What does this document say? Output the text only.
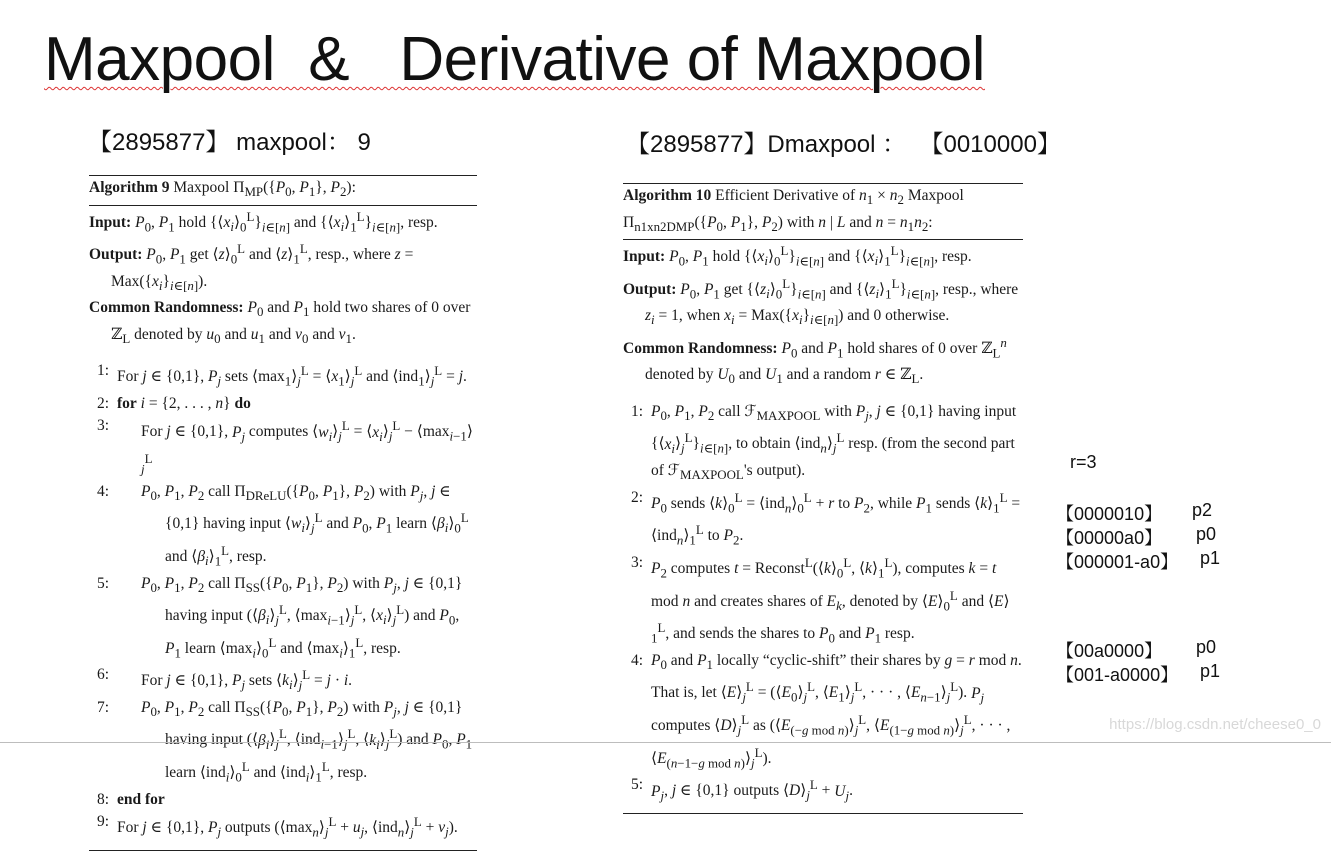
Maxpool  &   Derivative of Maxpool
【2895877】 maxpool： 9	【2895877】Dmaxpool ：  【0010000】
Algorithm 9 Maxpool $\Pi_{MP}(\{P_0$, $P_1$}, $P_2$):
Input: $P_0$, $P_1$ hold $\{⟨x_i⟩_0^L\}_{i\in[n]}$ and $\{⟨x_i⟩_1^L\}_{i\in[n]}$, resp.
Output: $P_0$, $P_1$ get $⟨z⟩_0^L$ and $⟨z⟩_1^L$, resp., where $z = Max(\{x_i\}_{i\in[n]})$.
Common Randomness: $P_0$ and $P_1$ hold two shares of 0 over ℤ$_L$ denoted by $u_0$ and $u_1$ and $v_0$ and $v_1$.
1: For j ∈ {0,1}, $P_j$ sets $⟨\max_1⟩_j^L$ = $⟨x_1⟩_j^L$ and $⟨ind_1⟩_j^L = j$.
2: for i = {2, . . . , n} do
3:	For j ∈ {0,1}, $P_j$ computes $⟨w_i⟩_j^L$ = $⟨x_i⟩_j^L$ − $⟨\max_{i-1}⟩_j^L$
4: $P_0$, $P_1$, $P_2$ call $\Pi_{DReLU}(\{P_0$, $P_1$}, $P_2$) with $P_j$, j ∈ {0,1} having input $⟨w_i⟩_j^L$ and $P_0$, $P_1$ learn $⟨\beta_i⟩_0^L$ and $⟨\beta_i⟩_1^L$, resp.
5: $P_0$, $P_1$, $P_2$ call $\Pi_{SS}(\{P_0$, $P_1$}, $P_2$) with $P_j$, j ∈ {0,1} having input ($⟨\beta_i⟩_j^L$, $⟨\max_{i-1}⟩_j^L$, $⟨x_i⟩_j^L$) and $P_0$, $P_1$ learn $⟨\max_i⟩_0^L$ and $⟨\max_i⟩_1^L$, resp.
6:	For j ∈ {0,1}, $P_j$ sets $⟨k_i⟩_j^L = j \cdot i$.
7: $P_0$, $P_1$, $P_2$ call $\Pi_{SS}(\{P_0$, $P_1$}, $P_2$) with $P_j$, j ∈ {0,1} having input ($⟨\beta_i⟩_j^L$, $⟨ind_{i-1}⟩_j^L$, $⟨k_i⟩_j^L$) and $P_0$, $P_1$ learn $⟨ind_i⟩_0^L$ and $⟨ind_i⟩_1^L$, resp.
8: end for
9: For j ∈ {0,1}, $P_j$ outputs ($⟨\max_n⟩_j^L + u_j$, $⟨ind_n⟩_j^L + v_j$).
Algorithm 10 Efficient Derivative of $n_1 \times n_2$ Maxpool $\Pi_{n1xn2DMP}(\{P_0$, $P_1$}, $P_2$) with n | L and $n = n_1n_2$:
Input: $P_0$, $P_1$ hold $\{⟨x_i⟩_0^L\}_{i\in[n]}$ and $\{⟨x_i⟩_1^L\}_{i\in[n]}$, resp.
Output: $P_0$, $P_1$ get $\{⟨z_i⟩_0^L\}_{i\in[n]}$ and $\{⟨z_i⟩_1^L\}_{i\in[n]}$, resp., where $z_i = 1$, when $x_i = Max(\{x_i\}_{i\in[n]})$ and 0 otherwise.
Common Randomness: $P_0$ and $P_1$ hold shares of 0 over ℤ$_L^n$ denoted by $U_0$ and $U_1$ and a random r ∈ ℤ$_L$.
1: $P_0$, $P_1$, $P_2$ call ℱ$_{MAXPOOL}$ with $P_j$, j ∈ {0,1} having input $\{⟨x_i⟩_j^L\}_{i\in[n]}$, to obtain $⟨ind_n⟩_j^L$ resp. (from the second part of ℱ$_{MAXPOOL}$'s output).
2: $P_0$ sends $⟨k⟩_0^L$ = $⟨ind_n⟩_0^L + r$ to $P_2$, while $P_1$ sends $⟨k⟩_1^L$ = $⟨ind_n⟩_1^L$ to $P_2$.
3: $P_2$ computes $t = Reconst^L(⟨k⟩_0^L$, $⟨k⟩_1^L$), computes k = t mod n and creates shares of $E_k$, denoted by $⟨E⟩_0^L$ and $⟨E⟩_1^L$, and sends the shares to $P_0$ and $P_1$ resp.
4: $P_0$ and $P_1$ locally “cyclic-shift” their shares by g = r mod n. That is, let $⟨E⟩_j^L$ = ($⟨E_0⟩_j^L$, $⟨E_1⟩_j^L$, · · · , $⟨E_{n-1}⟩_j^L$). $P_j$ computes $⟨D⟩_j^L$ as ($⟨E_{(-g mod n)}⟩_j^L$, $⟨E_{(1-g mod n)}⟩_j^L$, · · · , $⟨E_{(n-1-g mod n)}⟩_j^L$).
5: $P_j$, j ∈ {0,1} outputs $⟨D⟩_j^L + U_j$.
r=3
【0000010】 p2
【00000a0】 p0
【000001-a0】 p1
【00a0000】 p0
【001-a0000】 p1
https://blog.csdn.net/cheese0_0
